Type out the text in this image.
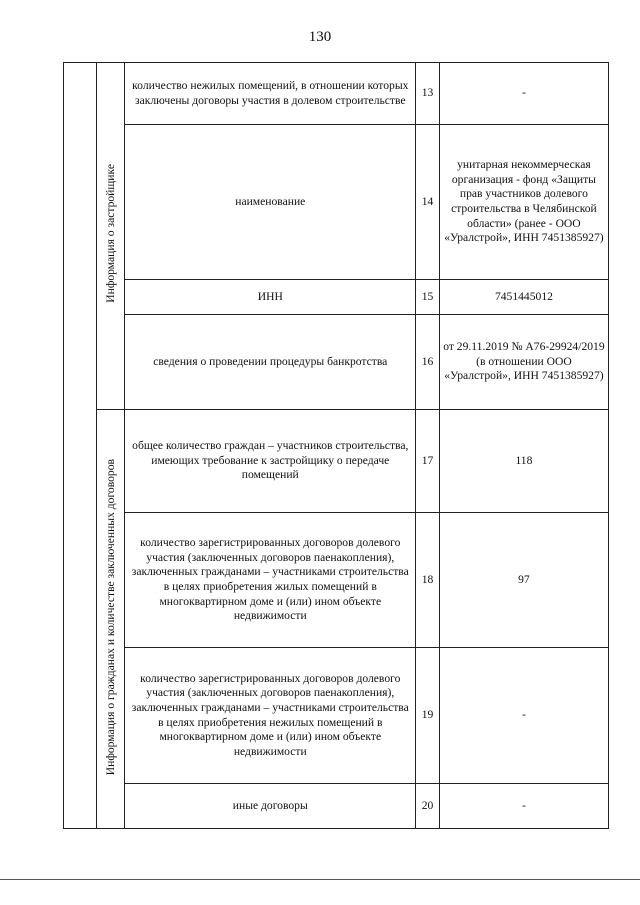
130
	Информация о застройщике	количество нежилых помещений, в отношении которых заключены договоры участия в долевом строительстве	13	-
		наименование	14	унитарная некоммерческая организация - фонд «Защиты прав участников долевого строительства в Челябинской области» (ранее - ООО «Уралстрой», ИНН 7451385927)
		ИНН	15	7451445012
		сведения о проведении процедуры банкротства	16	от 29.11.2019 № А76-29924/2019 (в отношении ООО «Уралстрой», ИНН 7451385927)
	Информация о гражданах и количестве заключенных договоров	общее количество граждан – участников строительства, имеющих требование к застройщику о передаче помещений	17	118
		количество зарегистрированных договоров долевого участия (заключенных договоров паенакопления), заключенных гражданами – участниками строительства в целях приобретения жилых помещений в многоквартирном доме и (или) ином объекте недвижимости	18	97
		количество зарегистрированных договоров долевого участия (заключенных договоров паенакопления), заключенных гражданами – участниками строительства в целях приобретения нежилых помещений в многоквартирном доме и (или) ином объекте недвижимости	19	-
		иные договоры	20	-
